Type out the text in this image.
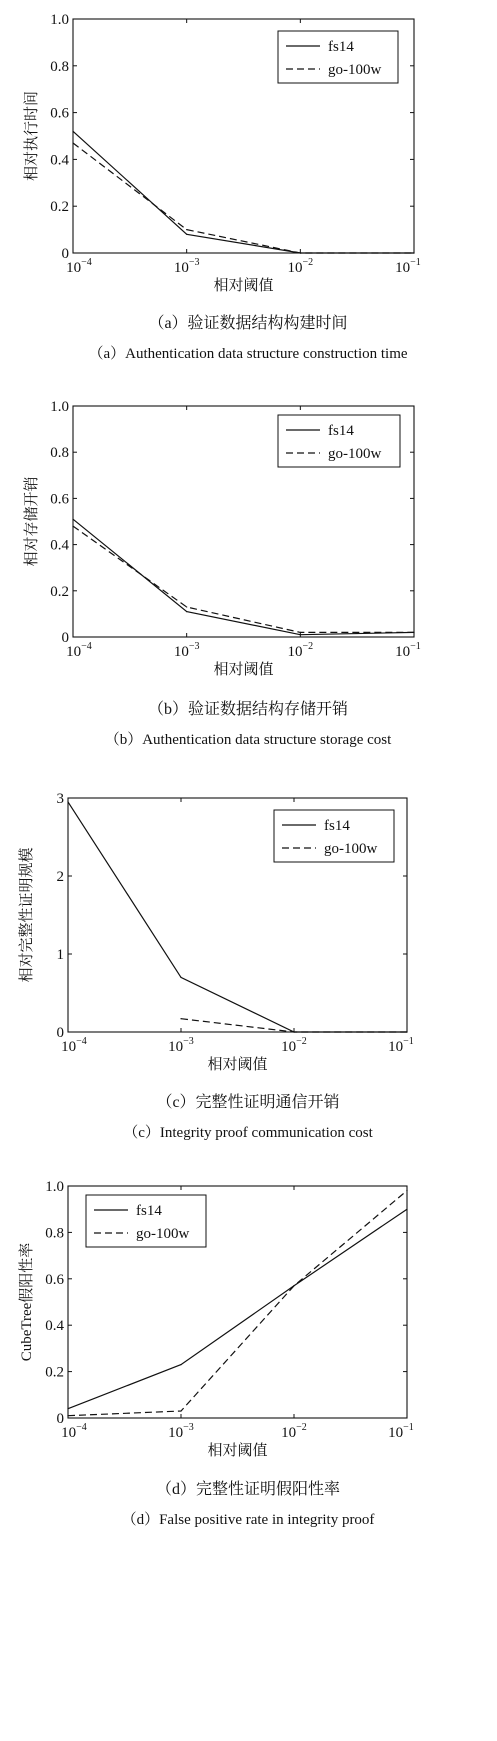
0
0.2
0.4
0.6
0.8
1.0
$10^{-4}$	$10^{-3}$	$10^{-2}$	$10^{-1}$
相对阈值
相对执行时间
fs14
go-100w
（a）验证数据结构构建时间
（a）Authentication data structure construction time
0
0.2
0.4
0.6
0.8
1.0
$10^{-4}$	$10^{-3}$	$10^{-2}$	$10^{-1}$
相对阈值
相对存储开销
fs14
go-100w
（b）验证数据结构存储开销
（b）Authentication data structure storage cost
0
1
2
3
$10^{-4}$	$10^{-3}$	$10^{-2}$	$10^{-1}$
相对阈值
相对完整性证明规模
fs14
go-100w
（c）完整性证明通信开销
（c）Integrity proof communication cost
0
0.2
0.4
0.6
0.8
1.0
$10^{-4}$	$10^{-3}$	$10^{-2}$	$10^{-1}$
相对阈值
CubeTree假阳性率
fs14
go-100w
（d）完整性证明假阳性率
（d）False positive rate in integrity proof
